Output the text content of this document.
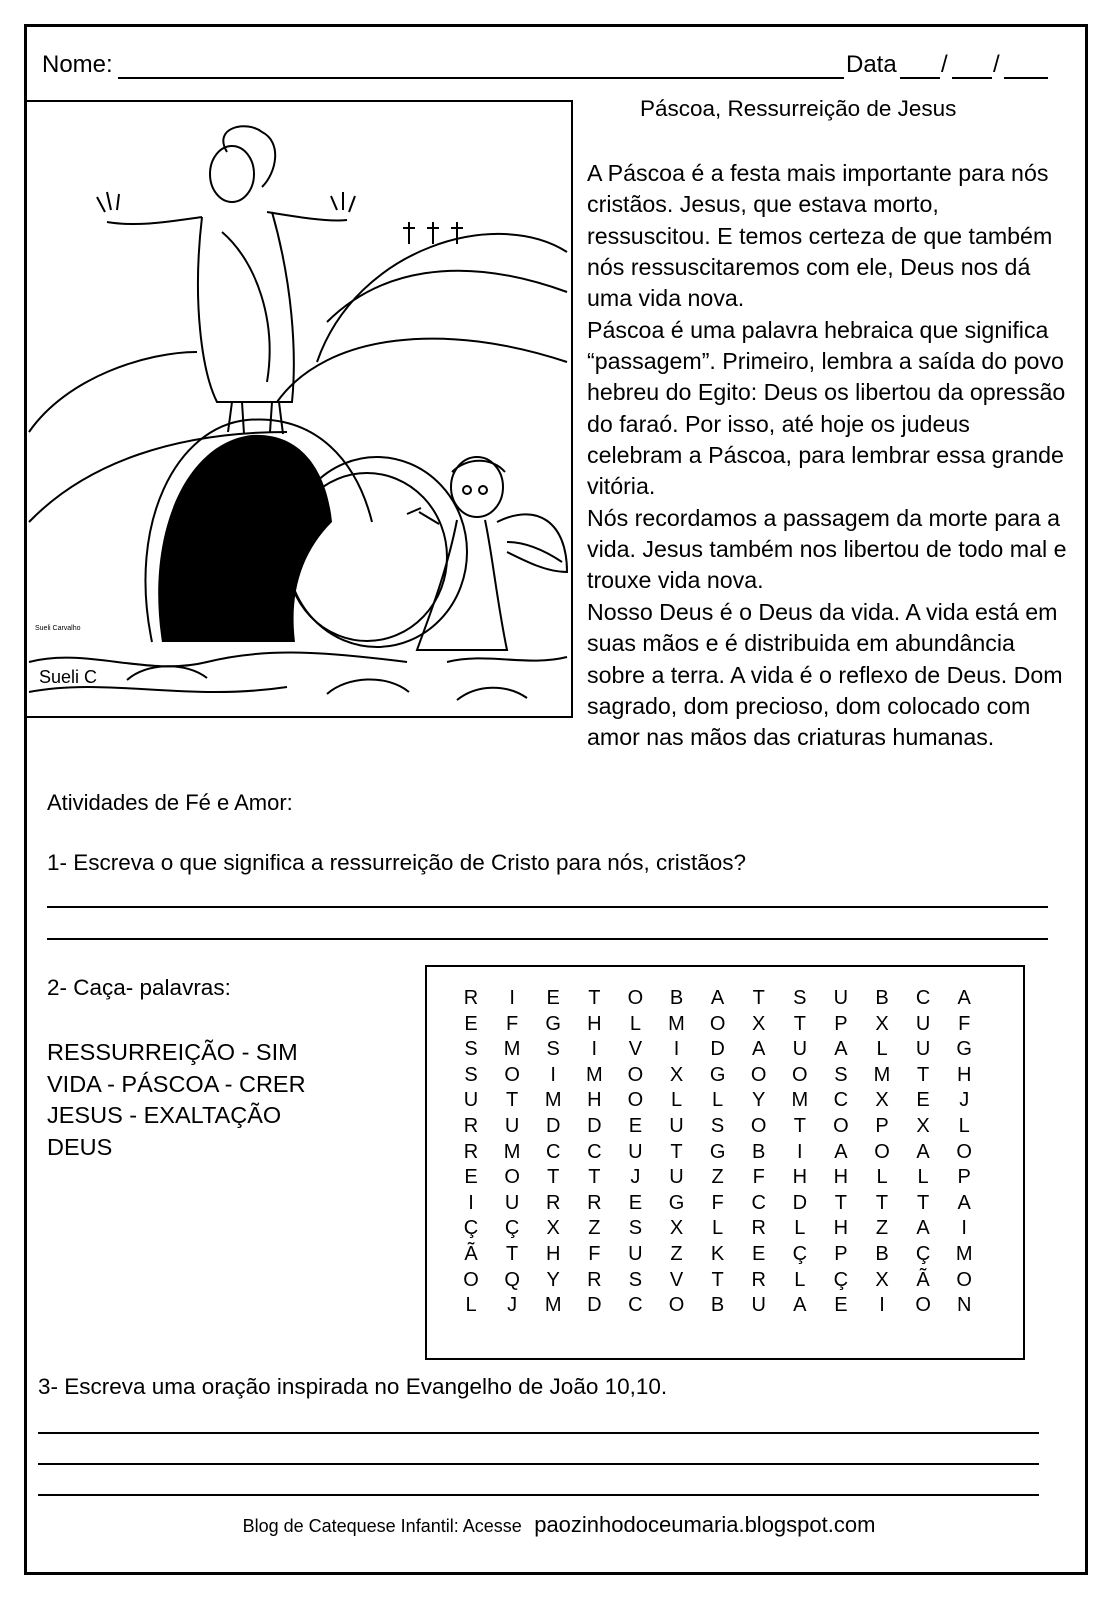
Nome:	Data / /
Sueli Carvalho
Sueli C
Páscoa, Ressurreição de Jesus
A Páscoa é a festa mais importante para nós cristãos. Jesus, que estava morto, ressuscitou. E temos certeza de que também nós ressuscitaremos com ele, Deus nos dá uma vida nova.
Páscoa é uma palavra hebraica que significa “passagem”. Primeiro, lembra a saída do povo hebreu do Egito: Deus os libertou da opressão do faraó. Por isso, até hoje os judeus celebram a Páscoa, para lembrar essa grande vitória.
Nós recordamos a passagem da morte para a vida. Jesus também nos libertou de todo mal e trouxe vida nova.
Nosso Deus é o Deus da vida. A vida está em suas mãos e é distribuida em abundância sobre a terra. A vida é o reflexo de Deus. Dom sagrado, dom precioso, dom colocado com amor nas mãos das criaturas humanas.
Atividades de Fé e Amor:
1- Escreva o que significa a ressurreição de Cristo para nós, cristãos?
2- Caça- palavras:
RESSURREIÇÃO - SIM
VIDA - PÁSCOA - CRER
JESUS - EXALTAÇÃO
DEUS
R	I	E T O B A T S U B C A
E F G H	L	M O X T P X U F
S M S	I	V	I	D A U A	L	U G
S O	I	M O X G O O S M T H
U T M H O	L	L	Y M C X E	J
R U D D E U S O T O P X	L
R M C C U T G B	I	A O A O
E O T T	J	U Z F H H	L	L	P
I	U R R E G F C D T T T A
Ç Ç X Z S X	L	R	L	H Z A	I
Ã T H F U Z K E Ç P B Ç M
O Q Y R S V T R	L	Ç X Ã O
L	J	M D C O B U A E	I	O N
3- Escreva uma oração inspirada no Evangelho de João 10,10.
Blog de Catequese Infantil: Acesse paozinhodoceumaria.blogspot.com
